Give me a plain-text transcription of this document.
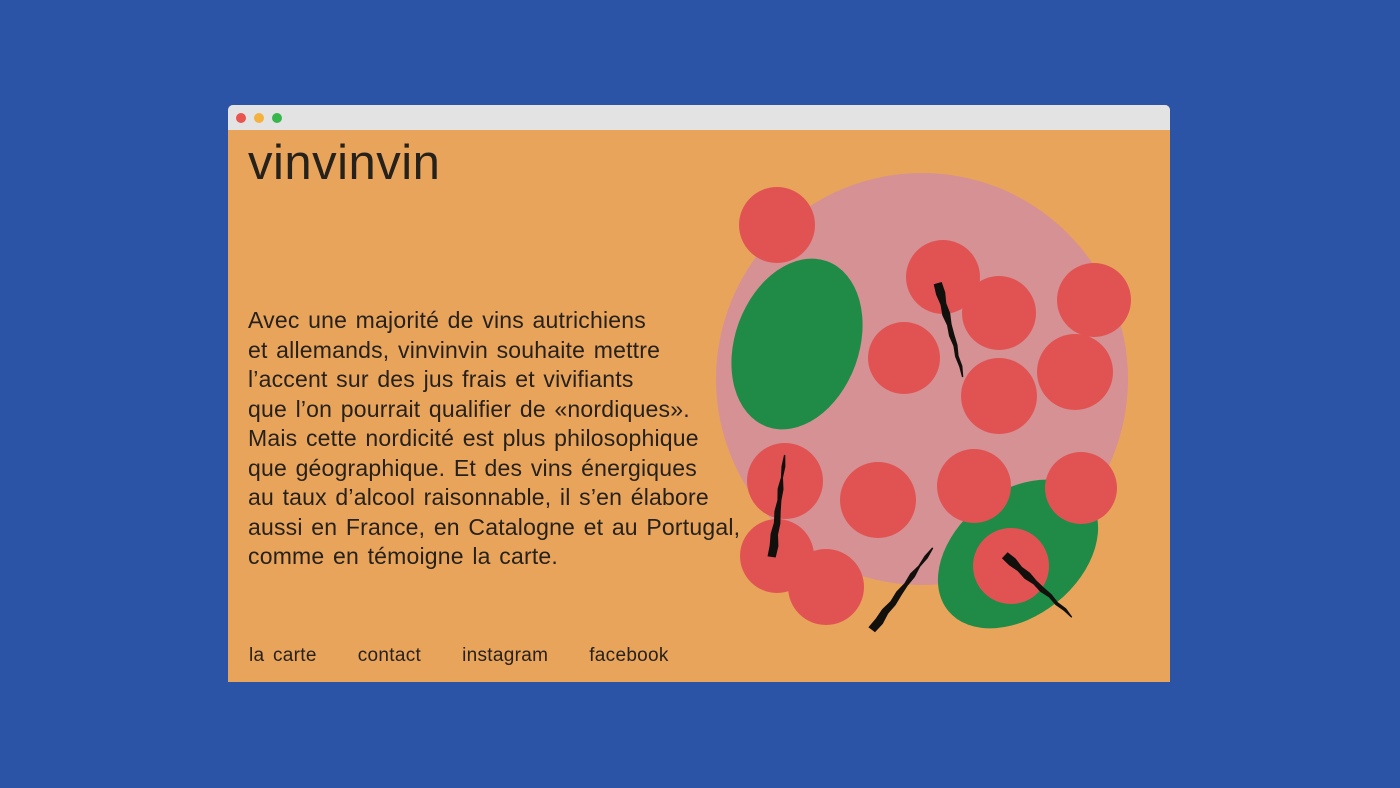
vinvinvin
Avec une majorité de vins autrichiens
et allemands, vinvinvin souhaite mettre
l’accent sur des jus frais et vivifiants
que l’on pourrait qualifier de «nordiques».
Mais cette nordicité est plus philosophique
que géographique. Et des vins énergiques
au taux d’alcool raisonnable, il s’en élabore
aussi en France, en Catalogne et au Portugal,
comme en témoigne la carte.
la carte contact instagram facebook
